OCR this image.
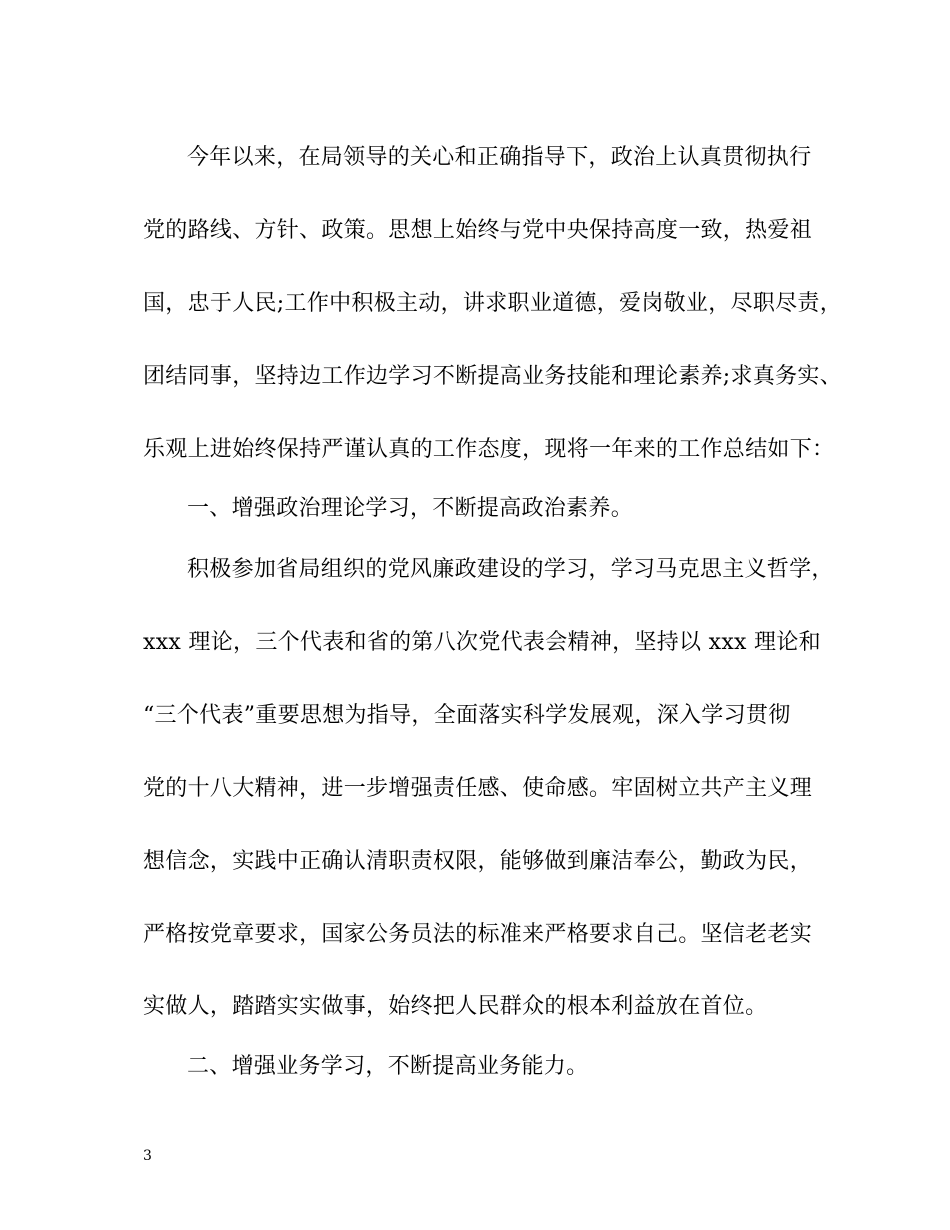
今年以来，在局领导的关心和正确指导下，政治上认真贯彻执行
党的路线、方针、政策。思想上始终与党中央保持高度一致，热爱祖
国，忠于人民;工作中积极主动，讲求职业道德，爱岗敬业，尽职尽责，
团结同事，坚持边工作边学习不断提高业务技能和理论素养;求真务实、
乐观上进始终保持严谨认真的工作态度，现将一年来的工作总结如下：
一、增强政治理论学习，不断提高政治素养。
积极参加省局组织的党风廉政建设的学习，学习马克思主义哲学，
xxx 理论，三个代表和省的第八次党代表会精神，坚持以 xxx 理论和
“三个代表”重要思想为指导，全面落实科学发展观，深入学习贯彻
党的十八大精神，进一步增强责任感、使命感。牢固树立共产主义理
想信念，实践中正确认清职责权限，能够做到廉洁奉公，勤政为民，
严格按党章要求，国家公务员法的标准来严格要求自己。坚信老老实
实做人，踏踏实实做事，始终把人民群众的根本利益放在首位。
二、增强业务学习，不断提高业务能力。
3
